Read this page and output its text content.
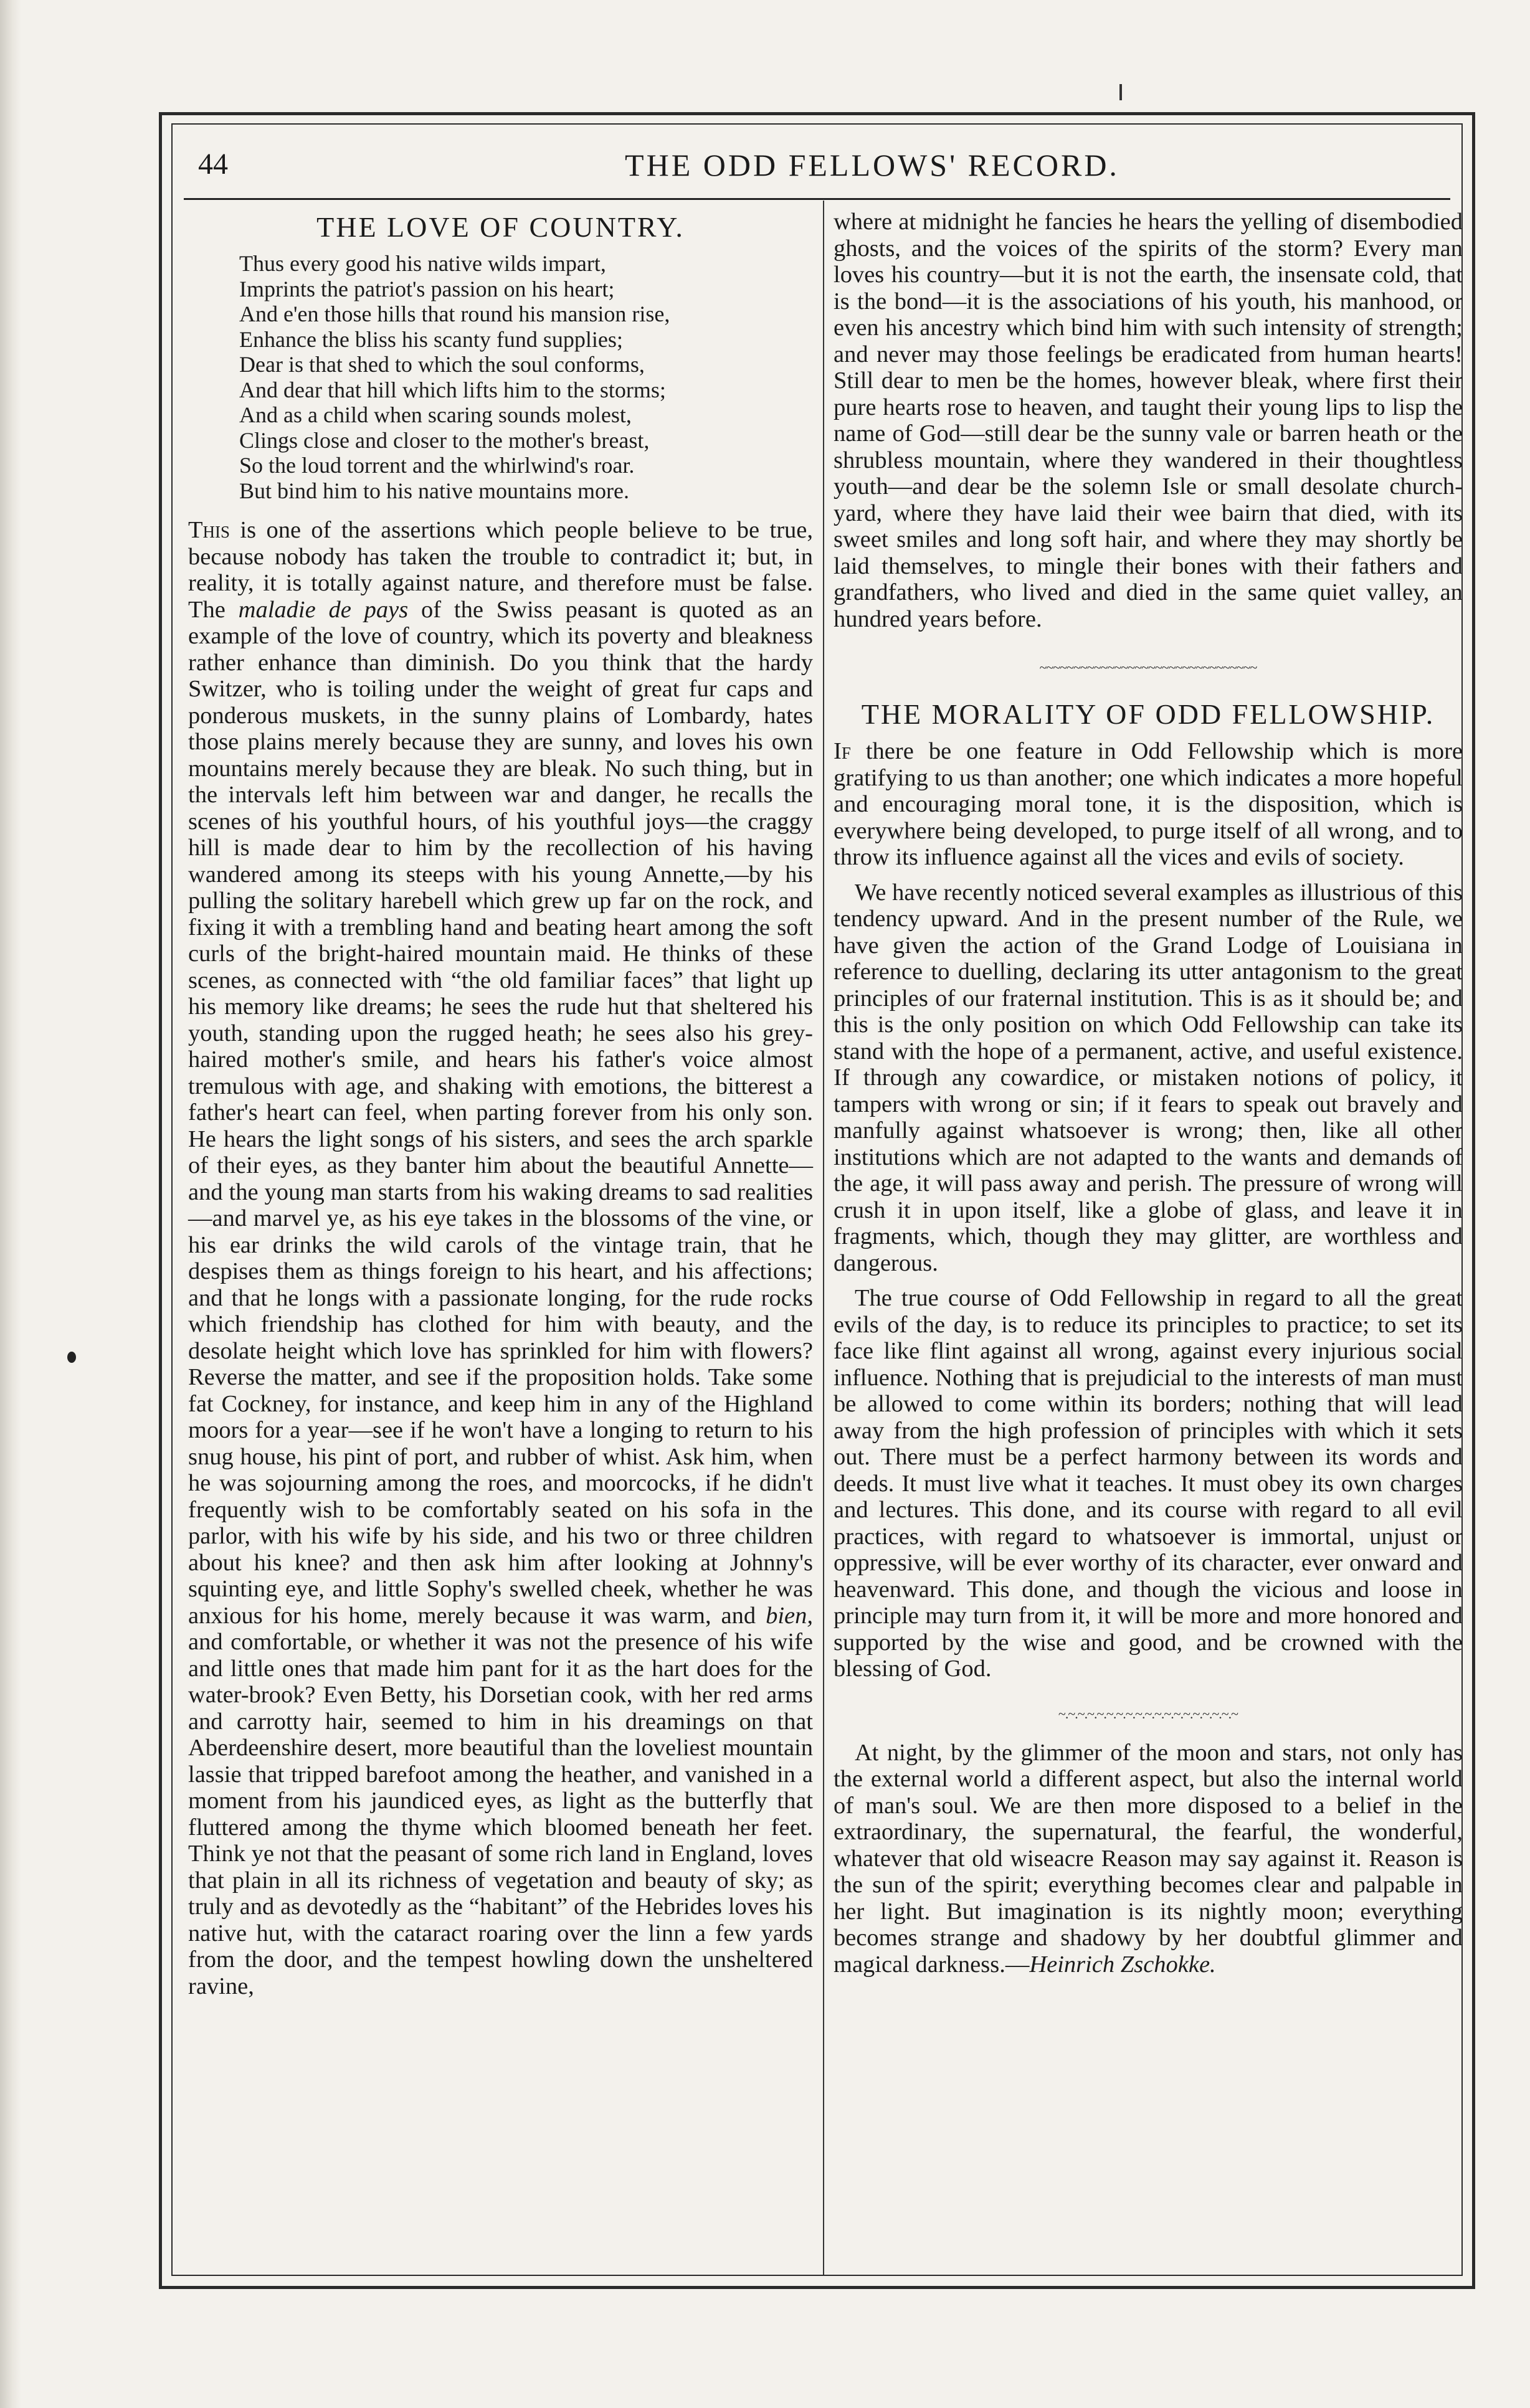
44	THE ODD FELLOWS' RECORD.
THE LOVE OF COUNTRY.
Thus every good his native wilds impart,
Imprints the patriot's passion on his heart;
And e'en those hills that round his mansion rise,
Enhance the bliss his scanty fund supplies;
Dear is that shed to which the soul conforms,
And dear that hill which lifts him to the storms;
And as a child when scaring sounds molest,
Clings close and closer to the mother's breast,
So the loud torrent and the whirlwind's roar.
But bind him to his native mountains more.

This is one of the assertions which people believe to be true, because nobody has taken the trouble to contradict it; but, in reality, it is totally against nature, and therefore must be false. The maladie de pays of the Swiss peasant is quoted as an example of the love of country, which its poverty and bleakness rather enhance than diminish. Do you think that the hardy Switzer, who is toiling under the weight of great fur caps and ponderous muskets, in the sunny plains of Lombardy, hates those plains merely because they are sunny, and loves his own mountains merely because they are bleak. No such thing, but in the intervals left him between war and danger, he recalls the scenes of his youthful hours, of his youthful joys—the craggy hill is made dear to him by the recollection of his having wandered among its steeps with his young Annette,—by his pulling the solitary harebell which grew up far on the rock, and fixing it with a trembling hand and beating heart among the soft curls of the bright-haired mountain maid. He thinks of these scenes, as connected with “the old familiar faces” that light up his memory like dreams; he sees the rude hut that sheltered his youth, standing upon the rugged heath; he sees also his grey-haired mother's smile, and hears his father's voice almost tremulous with age, and shaking with emotions, the bitterest a father's heart can feel, when parting forever from his only son. He hears the light songs of his sisters, and sees the arch sparkle of their eyes, as they banter him about the beautiful Annette—and the young man starts from his waking dreams to sad realities—and marvel ye, as his eye takes in the blossoms of the vine, or his ear drinks the wild carols of the vintage train, that he despises them as things foreign to his heart, and his affections; and that he longs with a passionate longing, for the rude rocks which friendship has clothed for him with beauty, and the desolate height which love has sprinkled for him with flowers? Reverse the matter, and see if the proposition holds. Take some fat Cockney, for instance, and keep him in any of the Highland moors for a year—see if he won't have a longing to return to his snug house, his pint of port, and rubber of whist. Ask him, when he was sojourning among the roes, and moorcocks, if he didn't frequently wish to be comfortably seated on his sofa in the parlor, with his wife by his side, and his two or three children about his knee? and then ask him after looking at Johnny's squinting eye, and little Sophy's swelled cheek, whether he was anxious for his home, merely because it was warm, and bien, and comfortable, or whether it was not the presence of his wife and little ones that made him pant for it as the hart does for the water-brook? Even Betty, his Dorsetian cook, with her red arms and carrotty hair, seemed to him in his dreamings on that Aberdeenshire desert, more beautiful than the loveliest mountain lassie that tripped barefoot among the heather, and vanished in a moment from his jaundiced eyes, as light as the butterfly that fluttered among the thyme which bloomed beneath her feet. Think ye not that the peasant of some rich land in England, loves that plain in all its richness of vegetation and beauty of sky; as truly and as devotedly as the “habitant” of the Hebrides loves his native hut, with the cataract roaring over the linn a few yards from the door, and the tempest howling down the unsheltered ravine,

where at midnight he fancies he hears the yelling of disembodied ghosts, and the voices of the spirits of the storm? Every man loves his country—but it is not the earth, the insensate cold, that is the bond—it is the associations of his youth, his manhood, or even his ancestry which bind him with such intensity of strength; and never may those feelings be eradicated from human hearts! Still dear to men be the homes, however bleak, where first their pure hearts rose to heaven, and taught their young lips to lisp the name of God—still dear be the sunny vale or barren heath or the shrubless mountain, where they wandered in their thoughtless youth—and dear be the solemn Isle or small desolate church-yard, where they have laid their wee bairn that died, with its sweet smiles and long soft hair, and where they may shortly be laid themselves, to mingle their bones with their fathers and grandfathers, who lived and died in the same quiet valley, an hundred years before.

~~~~~~~~~~~~~~~~~~~~~~~~~~~~~~~~
THE MORALITY OF ODD FELLOWSHIP.

If there be one feature in Odd Fellowship which is more gratifying to us than another; one which indicates a more hopeful and encouraging moral tone, it is the disposition, which is everywhere being developed, to purge itself of all wrong, and to throw its influence against all the vices and evils of society.

We have recently noticed several examples as illustrious of this tendency upward. And in the present number of the Rule, we have given the action of the Grand Lodge of Louisiana in reference to duelling, declaring its utter antagonism to the great principles of our fraternal institution. This is as it should be; and this is the only position on which Odd Fellowship can take its stand with the hope of a permanent, active, and useful existence. If through any cowardice, or mistaken notions of policy, it tampers with wrong or sin; if it fears to speak out bravely and manfully against whatsoever is wrong; then, like all other institutions which are not adapted to the wants and demands of the age, it will pass away and perish. The pressure of wrong will crush it in upon itself, like a globe of glass, and leave it in fragments, which, though they may glitter, are worthless and dangerous.

The true course of Odd Fellowship in regard to all the great evils of the day, is to reduce its principles to practice; to set its face like flint against all wrong, against every injurious social influence. Nothing that is prejudicial to the interests of man must be allowed to come within its borders; nothing that will lead away from the high profession of principles with which it sets out. There must be a perfect harmony between its words and deeds. It must live what it teaches. It must obey its own charges and lectures. This done, and its course with regard to all evil practices, with regard to whatsoever is immortal, unjust or oppressive, will be ever worthy of its character, ever onward and heavenward. This done, and though the vicious and loose in principle may turn from it, it will be more and more honored and supported by the wise and good, and be crowned with the blessing of God.

~.~.~.~.~.~.~.~.~.~.~.~.~.~.~.~.~.~.~

At night, by the glimmer of the moon and stars, not only has the external world a different aspect, but also the internal world of man's soul. We are then more disposed to a belief in the extraordinary, the supernatural, the fearful, the wonderful, whatever that old wiseacre Reason may say against it. Reason is the sun of the spirit; everything becomes clear and palpable in her light. But imagination is its nightly moon; everything becomes strange and shadowy by her doubtful glimmer and magical darkness.—Heinrich Zschokke.
